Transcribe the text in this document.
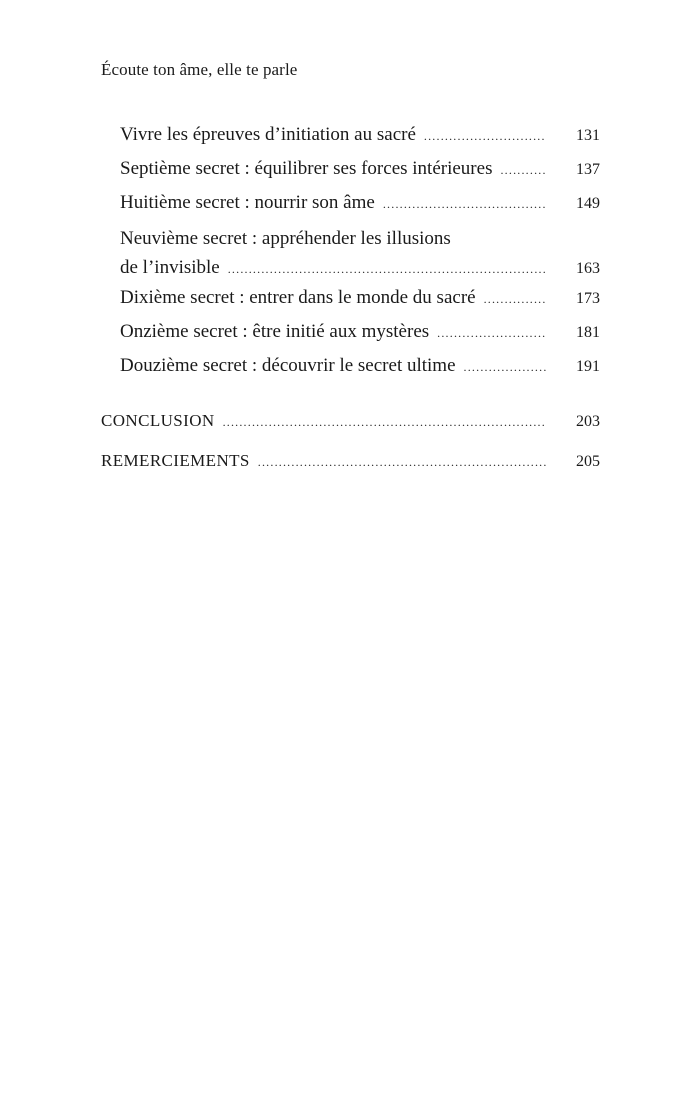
Écoute ton âme, elle te parle
Vivre les épreuves d’initiation au sacré .....	131
Septième secret : équilibrer ses forces intérieures .....	137
Huitième secret : nourrir son âme .....	149
Neuvième secret : appréhender les illusions
de l’invisible .....	163
Dixième secret : entrer dans le monde du sacré .....	173
Onzième secret : être initié aux mystères .....	181
Douzième secret : découvrir le secret ultime .....	191
CONCLUSION .....	203
REMERCIEMENTS .....	205
